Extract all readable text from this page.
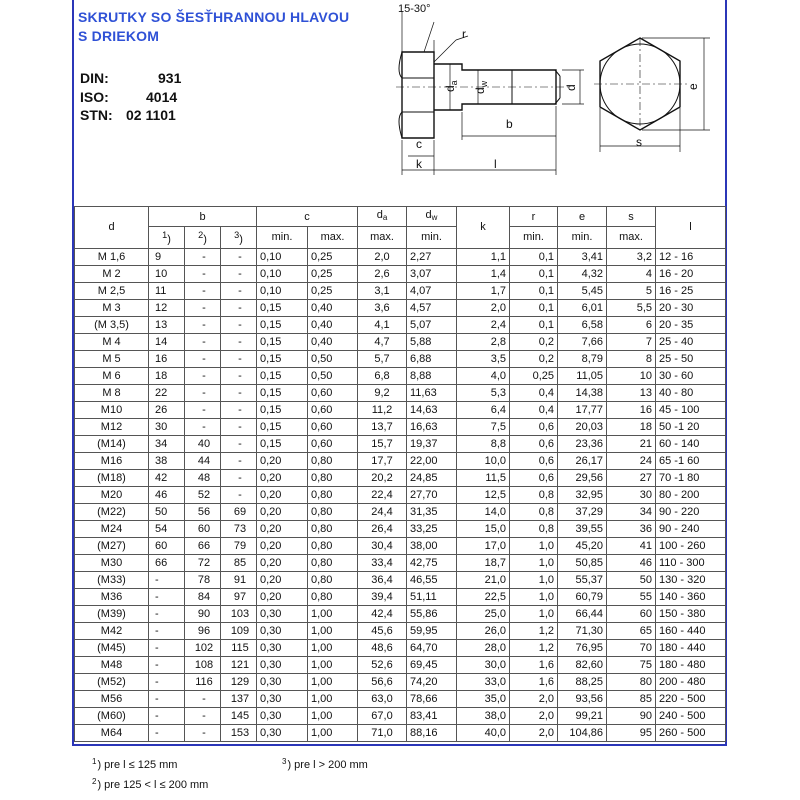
SKRUTKY SO ŠESŤHRANNOU HLAVOU
S DRIEKOM
DIN:	931
ISO:	4014
STN: 02 1101
15-30°
r
$d_a$
$d_w$
d
b
c
k	l
s
e
d	b			c		$d_a$	$d_w$	k	r	e	s	l
	$^1$)	$^2$)	$^3$)	min.	max.	max.	min.		min.	min.	max.	
M 1,6	9	-	-	0,10	0,25	2,0	2,27	1,1	0,1	3,41	3,2	12 - 16
M 2	10	-	-	0,10	0,25	2,6	3,07	1,4	0,1	4,32	4	16 - 20
M 2,5	11	-	-	0,10	0,25	3,1	4,07	1,7	0,1	5,45	5	16 - 25
M 3	12	-	-	0,15	0,40	3,6	4,57	2,0	0,1	6,01	5,5	20 - 30
(M 3,5)	13	-	-	0,15	0,40	4,1	5,07	2,4	0,1	6,58	6	20 - 35
M 4	14	-	-	0,15	0,40	4,7	5,88	2,8	0,2	7,66	7	25 - 40
M 5	16	-	-	0,15	0,50	5,7	6,88	3,5	0,2	8,79	8	25 - 50
M 6	18	-	-	0,15	0,50	6,8	8,88	4,0	0,25	11,05	10	30 - 60
M 8	22	-	-	0,15	0,60	9,2	11,63	5,3	0,4	14,38	13	40 - 80
M10	26	-	-	0,15	0,60	11,2	14,63	6,4	0,4	17,77	16	45 - 100
M12	30	-	-	0,15	0,60	13,7	16,63	7,5	0,6	20,03	18	50 -1 20
(M14)	34	40	-	0,15	0,60	15,7	19,37	8,8	0,6	23,36	21	60 - 140
M16	38	44	-	0,20	0,80	17,7	22,00	10,0	0,6	26,17	24	65 -1 60
(M18)	42	48	-	0,20	0,80	20,2	24,85	11,5	0,6	29,56	27	70 -1 80
M20	46	52	-	0,20	0,80	22,4	27,70	12,5	0,8	32,95	30	80 - 200
(M22)	50	56	69	0,20	0,80	24,4	31,35	14,0	0,8	37,29	34	90 - 220
M24	54	60	73	0,20	0,80	26,4	33,25	15,0	0,8	39,55	36	90 - 240
(M27)	60	66	79	0,20	0,80	30,4	38,00	17,0	1,0	45,20	41	100 - 260
M30	66	72	85	0,20	0,80	33,4	42,75	18,7	1,0	50,85	46	110 - 300
(M33)	-	78	91	0,20	0,80	36,4	46,55	21,0	1,0	55,37	50	130 - 320
M36	-	84	97	0,20	0,80	39,4	51,11	22,5	1,0	60,79	55	140 - 360
(M39)	-	90	103	0,30	1,00	42,4	55,86	25,0	1,0	66,44	60	150 - 380
M42	-	96	109	0,30	1,00	45,6	59,95	26,0	1,2	71,30	65	160 - 440
(M45)	-	102	115	0,30	1,00	48,6	64,70	28,0	1,2	76,95	70	180 - 440
M48	-	108	121	0,30	1,00	52,6	69,45	30,0	1,6	82,60	75	180 - 480
(M52)	-	116	129	0,30	1,00	56,6	74,20	33,0	1,6	88,25	80	200 - 480
M56	-	-	137	0,30	1,00	63,0	78,66	35,0	2,0	93,56	85	220 - 500
(M60)	-	-	145	0,30	1,00	67,0	83,41	38,0	2,0	99,21	90	240 - 500
M64	-	-	153	0,30	1,00	71,0	88,16	40,0	2,0	104,86	95	260 - 500
$^1$) pre l ≤ 125 mm
$^2$) pre 125 < l ≤ 200 mm
$^3$) pre l > 200 mm
